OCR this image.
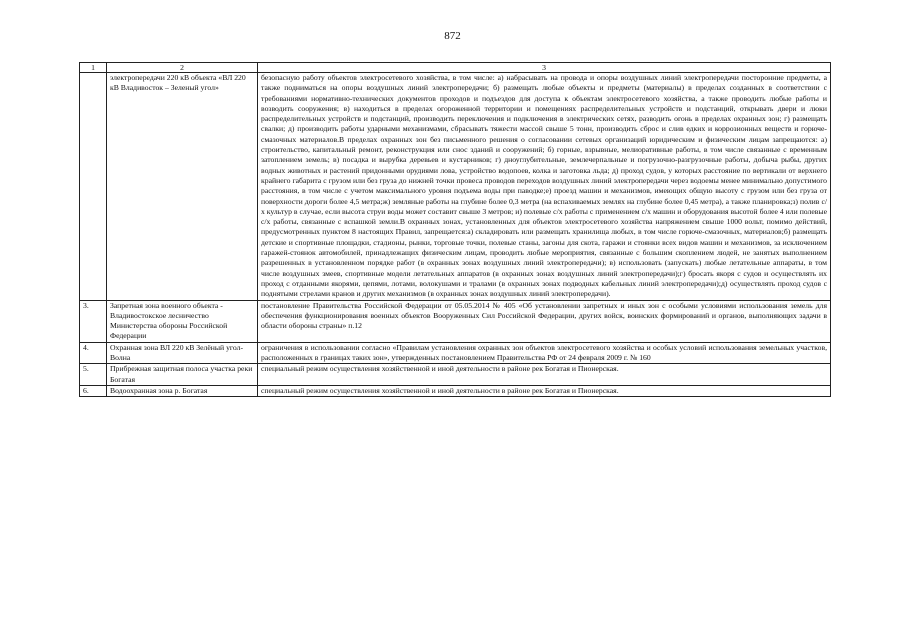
872
1	2	3
	электропередачи 220 кВ объекта «ВЛ 220 кВ Владивосток – Зеленый угол»	безопасную работу объектов электросетевого хозяйства, в том числе: а) набрасывать на провода и опоры воздушных линий электропередачи посторонние предметы, а также подниматься на опоры воздушных линий электропередачи; б) размещать любые объекты и предметы (материалы) в пределах созданных в соответствии с требованиями нормативно-технических документов проходов и подъездов для доступа к объектам электросетевого хозяйства, а также проводить любые работы и возводить сооружения; в) находиться в пределах огороженной территории и помещениях распределительных устройств и подстанций, открывать двери и люки распределительных устройств и подстанций, производить переключения и подключения в электрических сетях, разводить огонь в пределах охранных зон; г) размещать свалки; д) производить работы ударными механизмами, сбрасывать тяжести массой свыше 5 тонн, производить сброс и слив едких и коррозионных веществ и горюче-смазочных материалов.В пределах охранных зон без письменного решения о согласовании сетевых организаций юридическим и физическим лицам запрещаются: а) строительство, капитальный ремонт, реконструкция или снос зданий и сооружений; б) горные, взрывные, мелиоративные работы, в том числе связанные с временным затоплением земель; в) посадка и вырубка деревьев и кустарников; г) дноуглубительные, землечерпальные и погрузочно-разгрузочные работы, добыча рыбы, других водных животных и растений придонными орудиями лова, устройство водопоев, колка и заготовка льда; д) проход судов, у которых расстояние по вертикали от верхнего крайнего габарита с грузом или без груза до нижней точки провеса проводов переходов воздушных линий электропередачи через водоемы менее минимально допустимого расстояния, в том числе с учетом максимального уровня подъема воды при паводке;е) проезд машин и механизмов, имеющих общую высоту с грузом или без груза от поверхности дороги более 4,5 метра;ж) земляные работы на глубине более 0,3 метра (на вспахиваемых землях на глубине более 0,45 метра), а также планировка;з) полив с/х культур в случае, если высота струи воды может составит свыше 3 метров; и) полевые с/х работы с применением с/х машин и оборудования высотой более 4 или полевые с/х работы, связанные с вспашкой земли.В охранных зонах, установленных для объектов электросетевого хозяйства напряжением свыше 1000 вольт, помимо действий, предусмотренных пунктом 8 настоящих Правил, запрещается:а) складировать или размещать хранилища любых, в том числе горюче-смазочных, материалов;б) размещать детские и спортивные площадки, стадионы, рынки, торговые точки, полевые станы, загоны для скота, гаражи и стоянки всех видов машин и механизмов, за исключением гаражей-стоянок автомобилей, принадлежащих физическим лицам, проводить любые мероприятия, связанные с большим скоплением людей, не занятых выполнением разрешенных в установленном порядке работ (в охранных зонах воздушных линий электропередачи); в) использовать (запускать) любые летательные аппараты, в том числе воздушных змеев, спортивные модели летательных аппаратов (в охранных зонах воздушных линий электропередачи);г) бросать якоря с судов и осуществлять их проход с отданными якорями, цепями, лотами, волокушами и тралами (в охранных зонах подводных кабельных линий электропередачи);д) осуществлять проход судов с поднятыми стрелами кранов и других механизмов (в охранных зонах воздушных линий электропередачи).
3.	Запретная зона военного объекта - Владивостокское лесничество Министерства обороны Российской Федерации	постановление Правительства Российской Федерации от 05.05.2014 № 405 «Об установлении запретных и иных зон с особыми условиями использования земель для обеспечения функционирования военных объектов Вооруженных Сил Российской Федерации, других войск, воинских формирований и органов, выполняющих задачи в области обороны страны» п.12
4.	Охранная зона ВЛ 220 кВ Зелёный угол-Волна	ограничения в использовании согласно «Правилам установления охранных зон объектов электросетевого хозяйства и особых условий использования земельных участков, расположенных в границах таких зон», утвержденных постановлением Правительства РФ от 24 февраля 2009 г. № 160
5.	Прибрежная защитная полоса участка реки Богатая	специальный режим осуществления хозяйственной и иной деятельности в районе рек Богатая и Пионерская.
6.	Водоохранная зона р. Богатая	специальный режим осуществления хозяйственной и иной деятельности в районе рек Богатая и Пионерская.
